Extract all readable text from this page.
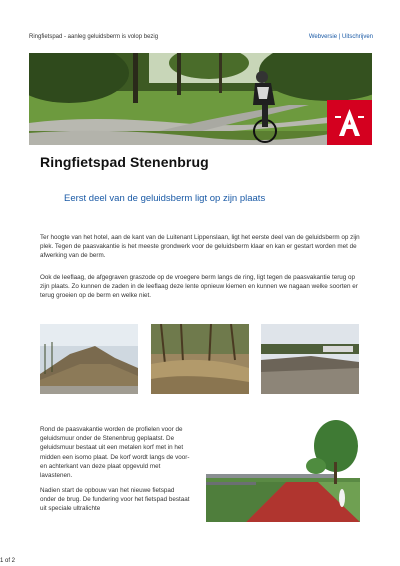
Ringfietspad - aanleg geluidsberm is volop bezig	Webversie | Uitschrijven
Ringfietspad Stenenbrug
Eerst deel van de geluidsberm ligt op zijn plaats

Ter hoogte van het hotel, aan de kant van de Luitenant Lippenslaan, ligt het eerste deel van de geluidsberm op zijn plek. Tegen de paasvakantie is het meeste grondwerk voor de geluidsberm klaar en kan er gestart worden met de afwerking van de berm.

Ook de leeflaag, de afgegraven graszode op de vroegere berm langs de ring, ligt tegen de paasvakantie terug op zijn plaats. Zo kunnen de zaden in de leeflaag deze lente opnieuw kiemen en kunnen we nagaan welke soorten er terug groeien op de berm en welke niet.

Rond de paasvakantie worden de profielen voor de geluidsmuur onder de Stenenbrug geplaatst. De geluidsmuur bestaat uit een metalen korf met in het midden een isomo plaat. De korf wordt langs de voor- en achterkant van deze plaat opgevuld met lavastenen.

Nadien start de opbouw van het nieuwe fietspad onder de brug. De fundering voor het fietspad bestaat uit speciale ultralichte

1 of 2
